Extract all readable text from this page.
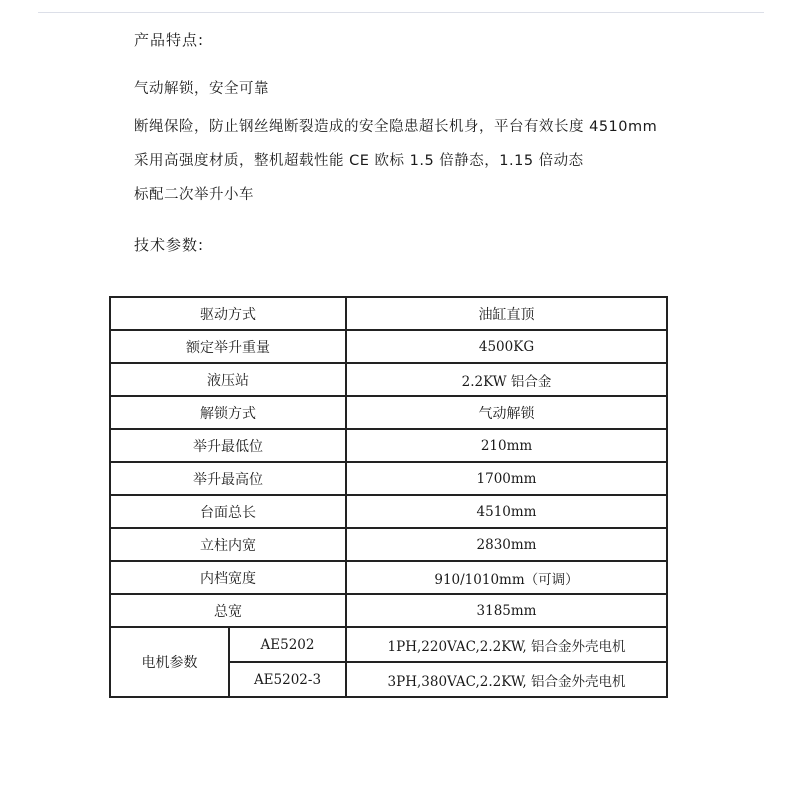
产品特点:
气动解锁，安全可靠
断绳保险，防止钢丝绳断裂造成的安全隐患超长机身，平台有效长度 4510mm
采用高强度材质，整机超载性能 CE 欧标 1.5 倍静态，1.15 倍动态
标配二次举升小车
技术参数:
驱动方式		油缸直顶
额定举升重量		4500KG
液压站		2.2KW 铝合金
解锁方式		气动解锁
举升最低位		210mm
举升最高位		1700mm
台面总长		4510mm
立柱内宽		2830mm
内档宽度		910/1010mm（可调）
总宽		3185mm
电机参数	AE5202	1PH,220VAC,2.2KW, 铝合金外壳电机
	AE5202-3	3PH,380VAC,2.2KW, 铝合金外壳电机
